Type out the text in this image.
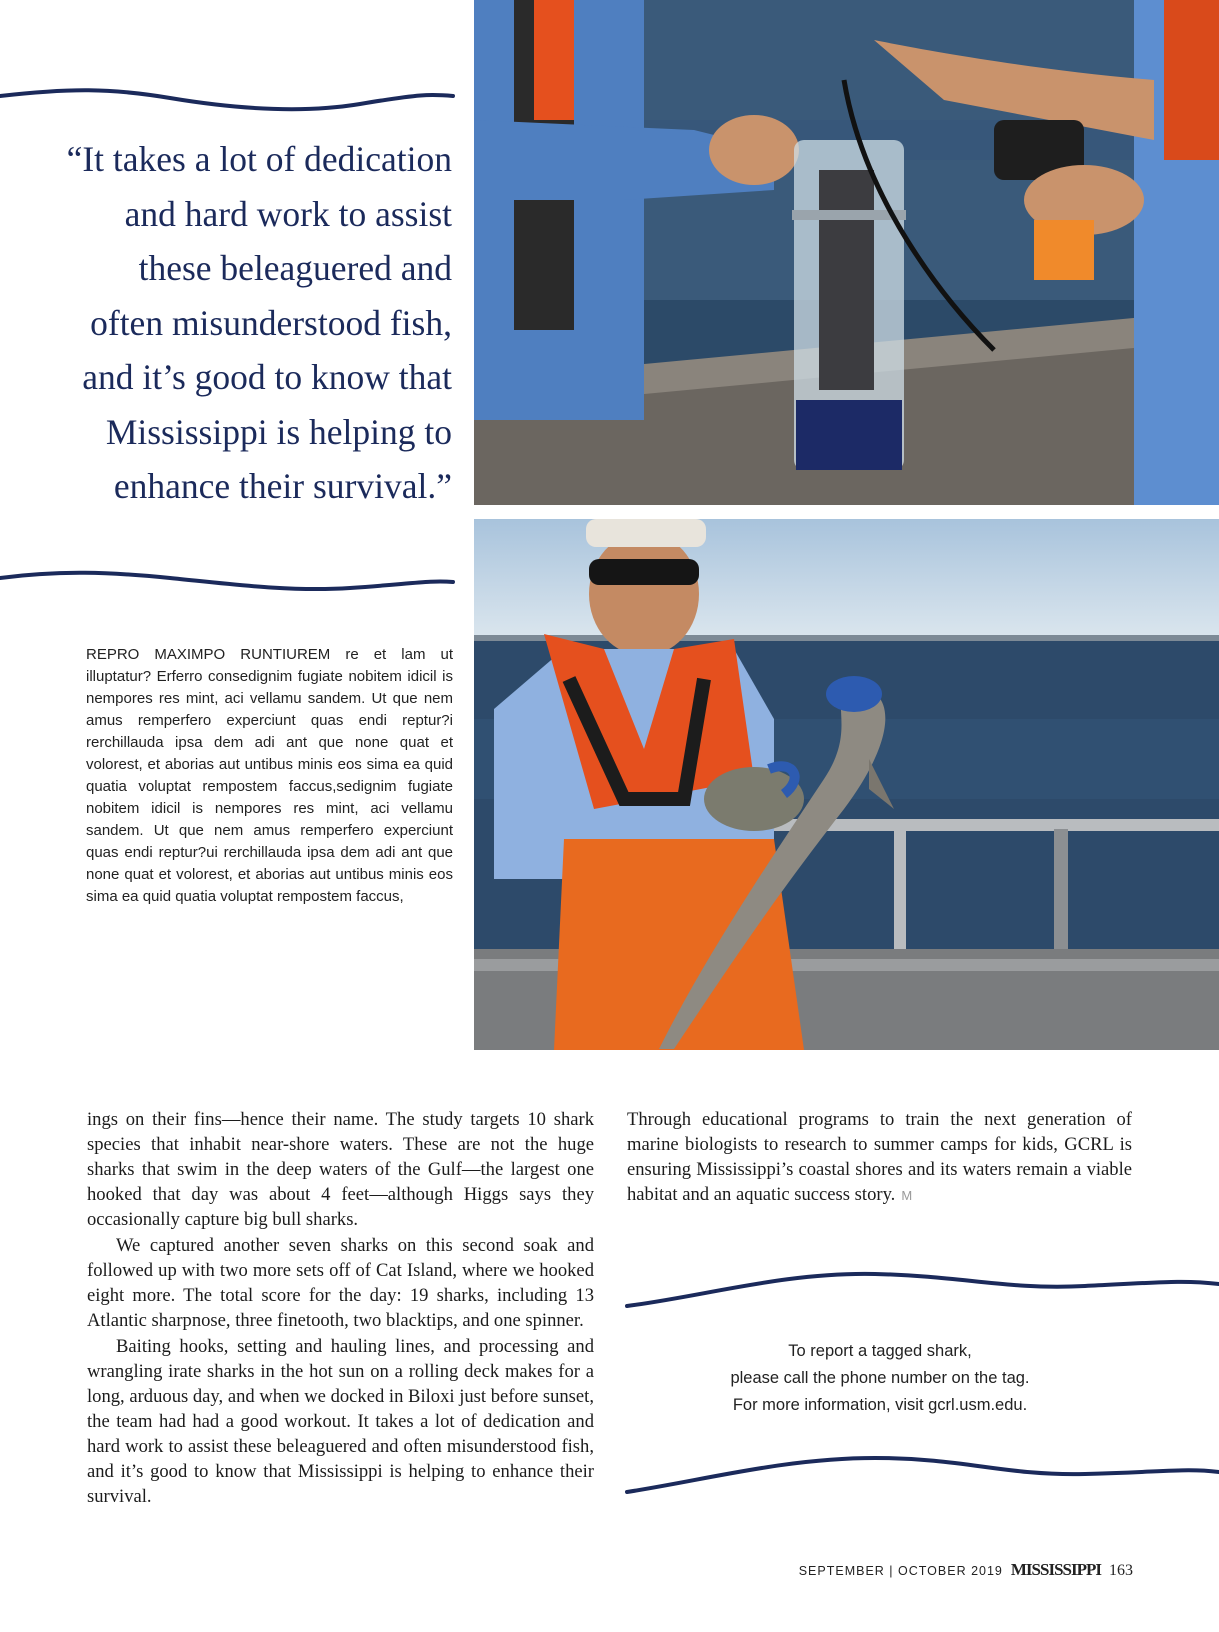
“It takes a lot of dedication and hard work to assist these beleaguered and often misunderstood fish, and it’s good to know that Mississippi is helping to enhance their survival.”
REPRO MAXIMPO RUNTIUREM re et lam ut illuptatur? Erferro consedignim fugiate nobitem idicil is nempores res mint, aci vellamu sandem. Ut que nem amus remperfero experciunt quas endi reptur?i rerchillauda ipsa dem adi ant que none quat et volorest, et aborias aut untibus minis eos sima ea quid quatia voluptat rempostem faccus,sedignim fugiate nobitem idicil is nempores res mint, aci vellamu sandem. Ut que nem amus remperfero experciunt quas endi reptur?ui rerchillauda ipsa dem adi ant que none quat et volorest, et aborias aut untibus minis eos sima ea quid quatia voluptat rempostem faccus,

ings on their fins—hence their name. The study targets 10 shark species that inhabit near-shore waters. These are not the huge sharks that swim in the deep waters of the Gulf—the largest one hooked that day was about 4 feet—although Higgs says they occasionally capture big bull sharks.

We captured another seven sharks on this second soak and followed up with two more sets off of Cat Island, where we hooked eight more. The total score for the day: 19 sharks, including 13 Atlantic sharpnose, three finetooth, two blacktips, and one spinner.

Baiting hooks, setting and hauling lines, and processing and wrangling irate sharks in the hot sun on a rolling deck makes for a long, arduous day, and when we docked in Biloxi just before sunset, the team had had a good workout. It takes a lot of dedication and hard work to assist these beleaguered and often misunderstood fish, and it’s good to know that Mississippi is helping to enhance their survival.

Through educational programs to train the next generation of marine biologists to research to summer camps for kids, GCRL is ensuring Mississippi’s coastal shores and its waters remain a viable habitat and an aquatic success story. M

To report a tagged shark,
please call the phone number on the tag.
For more information, visit gcrl.usm.edu.
SEPTEMBER | OCTOBER 2019 MISSISSIPPI 163
